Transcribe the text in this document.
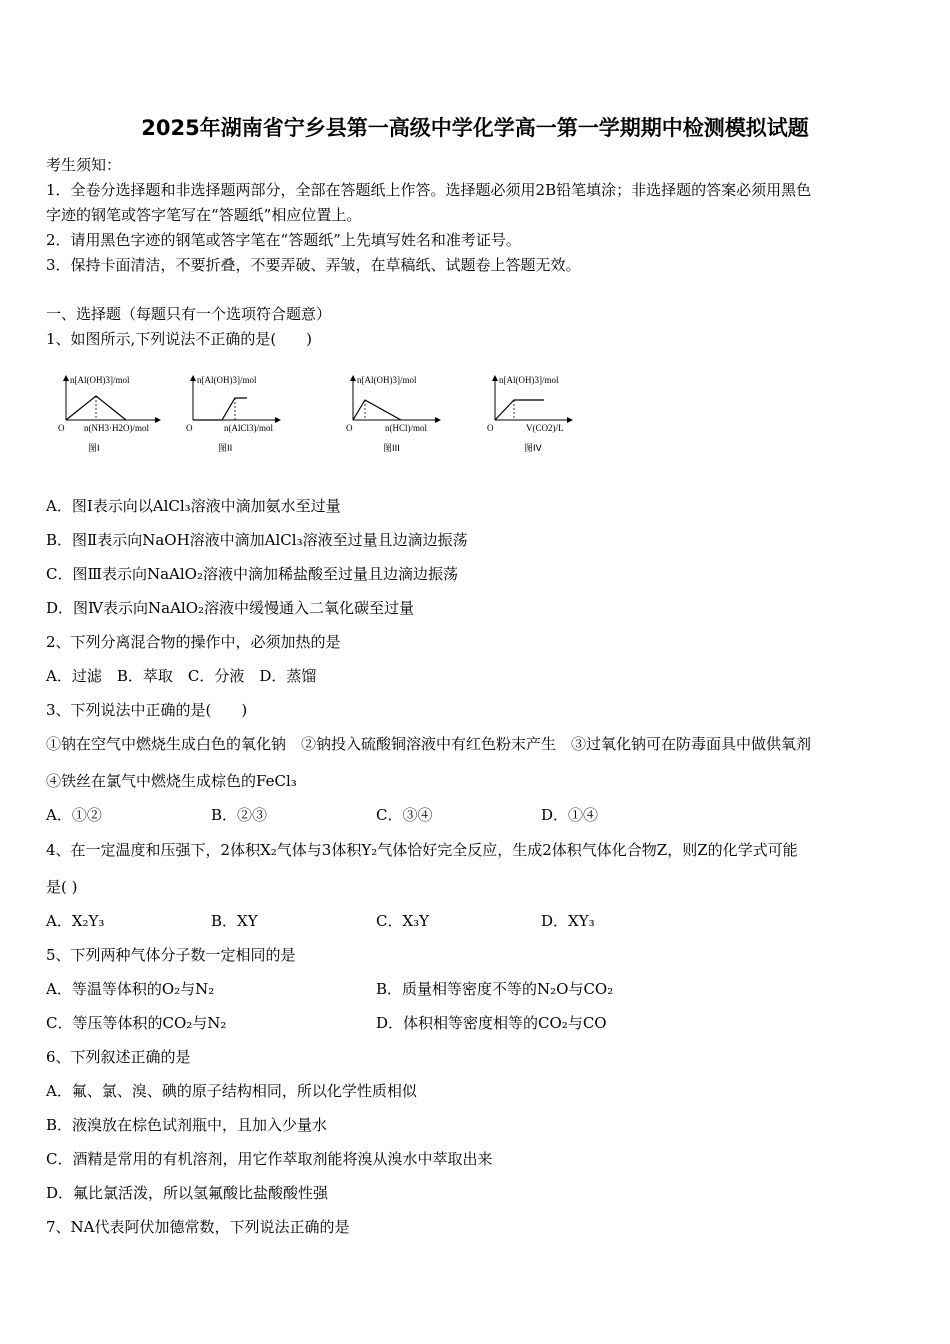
2025年湖南省宁乡县第一高级中学化学高一第一学期期中检测模拟试题
考生须知：
1．全卷分选择题和非选择题两部分，全部在答题纸上作答。选择题必须用2B铅笔填涂；非选择题的答案必须用黑色
字迹的钢笔或答字笔写在“答题纸”相应位置上。
2．请用黑色字迹的钢笔或答字笔在“答题纸”上先填写姓名和准考证号。
3．保持卡面清洁，不要折叠，不要弄破、弄皱，在草稿纸、试题卷上答题无效。
一、选择题（每题只有一个选项符合题意）
1、如图所示,下列说法不正确的是(　　)
n[Al(OH)3]/mol
O n(NH3·H2O)/mol
图I
n[Al(OH)3]/mol
O	n(AlCl3)/mol
图II
n[Al(OH)3]/mol
O	n(HCl)/mol
图III
n[Al(OH)3]/mol
O	V(CO2)/L
图IV
A．图Ⅰ表示向以AlCl₃溶液中滴加氨水至过量
B．图Ⅱ表示向NaOH溶液中滴加AlCl₃溶液至过量且边滴边振荡
C．图Ⅲ表示向NaAlO₂溶液中滴加稀盐酸至过量且边滴边振荡
D．图Ⅳ表示向NaAlO₂溶液中缓慢通入二氧化碳至过量
2、下列分离混合物的操作中，必须加热的是
A．过滤　B．萃取　C．分液　D．蒸馏
3、下列说法中正确的是(　　)
①钠在空气中燃烧生成白色的氧化钠　②钠投入硫酸铜溶液中有红色粉末产生　③过氧化钠可在防毒面具中做供氧剂
④铁丝在氯气中燃烧生成棕色的FeCl₃
A．①②	B．②③	C．③④	D．①④
4、在一定温度和压强下，2体积X₂气体与3体积Y₂气体恰好完全反应，生成2体积气体化合物Z，则Z的化学式可能
是( )
A．X₂Y₃	B．XY	C．X₃Y	D．XY₃
5、下列两种气体分子数一定相同的是
A．等温等体积的O₂与N₂	B．质量相等密度不等的N₂O与CO₂
C．等压等体积的CO₂与N₂	D．体积相等密度相等的CO₂与CO
6、下列叙述正确的是
A．氟、氯、溴、碘的原子结构相同，所以化学性质相似
B．液溴放在棕色试剂瓶中，且加入少量水
C．酒精是常用的有机溶剂，用它作萃取剂能将溴从溴水中萃取出来
D．氟比氯活泼，所以氢氟酸比盐酸酸性强
7、NA代表阿伏加德常数，下列说法正确的是
